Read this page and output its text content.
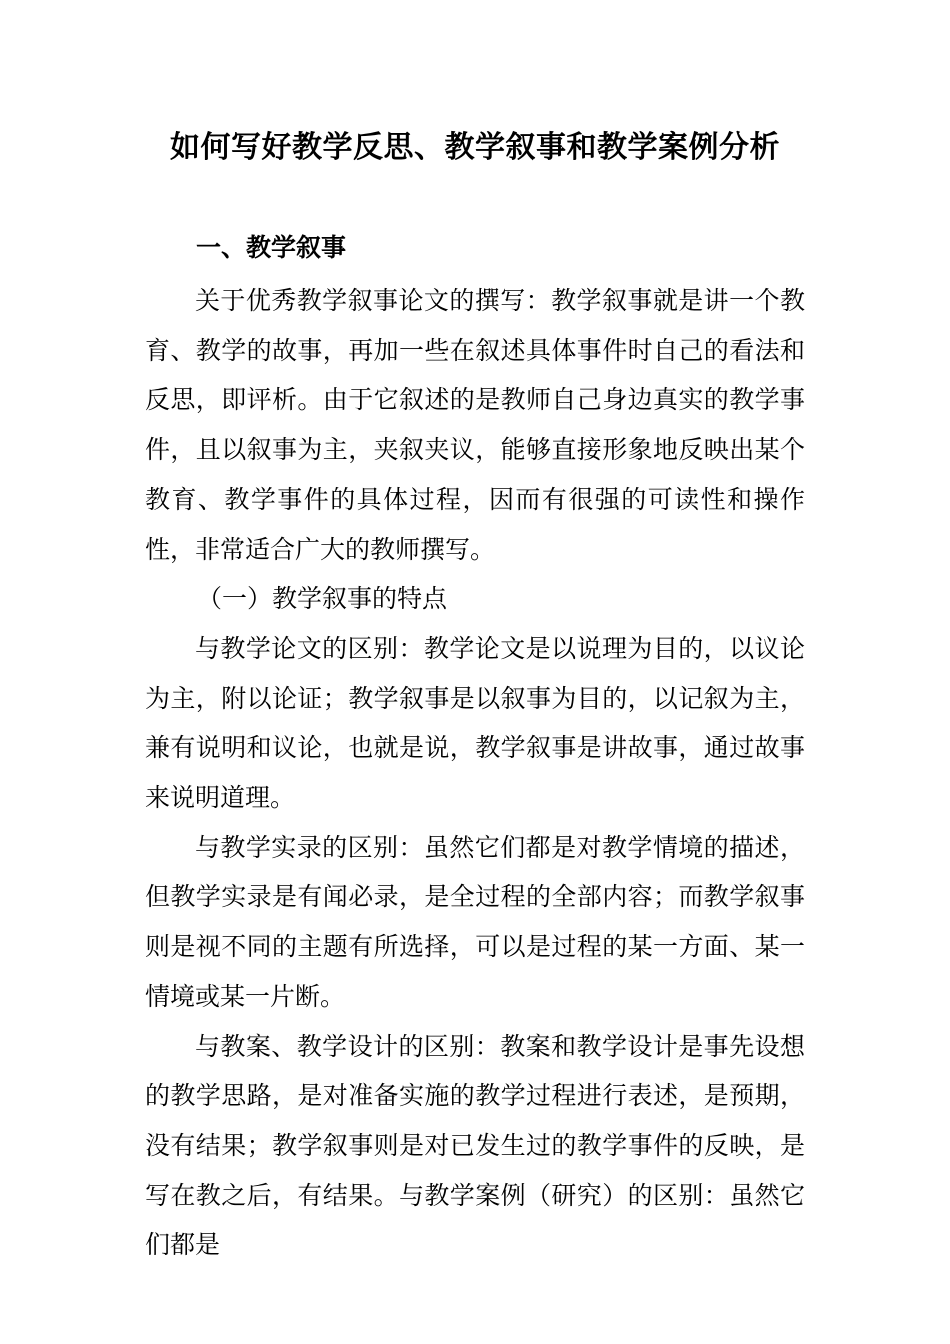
如何写好教学反思、教学叙事和教学案例分析
一、教学叙事

关于优秀教学叙事论文的撰写：教学叙事就是讲一个教育、教学的故事，再加一些在叙述具体事件时自己的看法和反思，即评析。由于它叙述的是教师自己身边真实的教学事件，且以叙事为主，夹叙夹议，能够直接形象地反映出某个教育、教学事件的具体过程，因而有很强的可读性和操作性，非常适合广大的教师撰写。

（一）教学叙事的特点

与教学论文的区别：教学论文是以说理为目的，以议论为主，附以论证；教学叙事是以叙事为目的，以记叙为主，兼有说明和议论，也就是说，教学叙事是讲故事，通过故事来说明道理。

与教学实录的区别：虽然它们都是对教学情境的描述，但教学实录是有闻必录，是全过程的全部内容；而教学叙事则是视不同的主题有所选择，可以是过程的某一方面、某一情境或某一片断。

与教案、教学设计的区别：教案和教学设计是事先设想的教学思路，是对准备实施的教学过程进行表述，是预期，没有结果；教学叙事则是对已发生过的教学事件的反映，是写在教之后，有结果。与教学案例（研究）的区别：虽然它们都是
